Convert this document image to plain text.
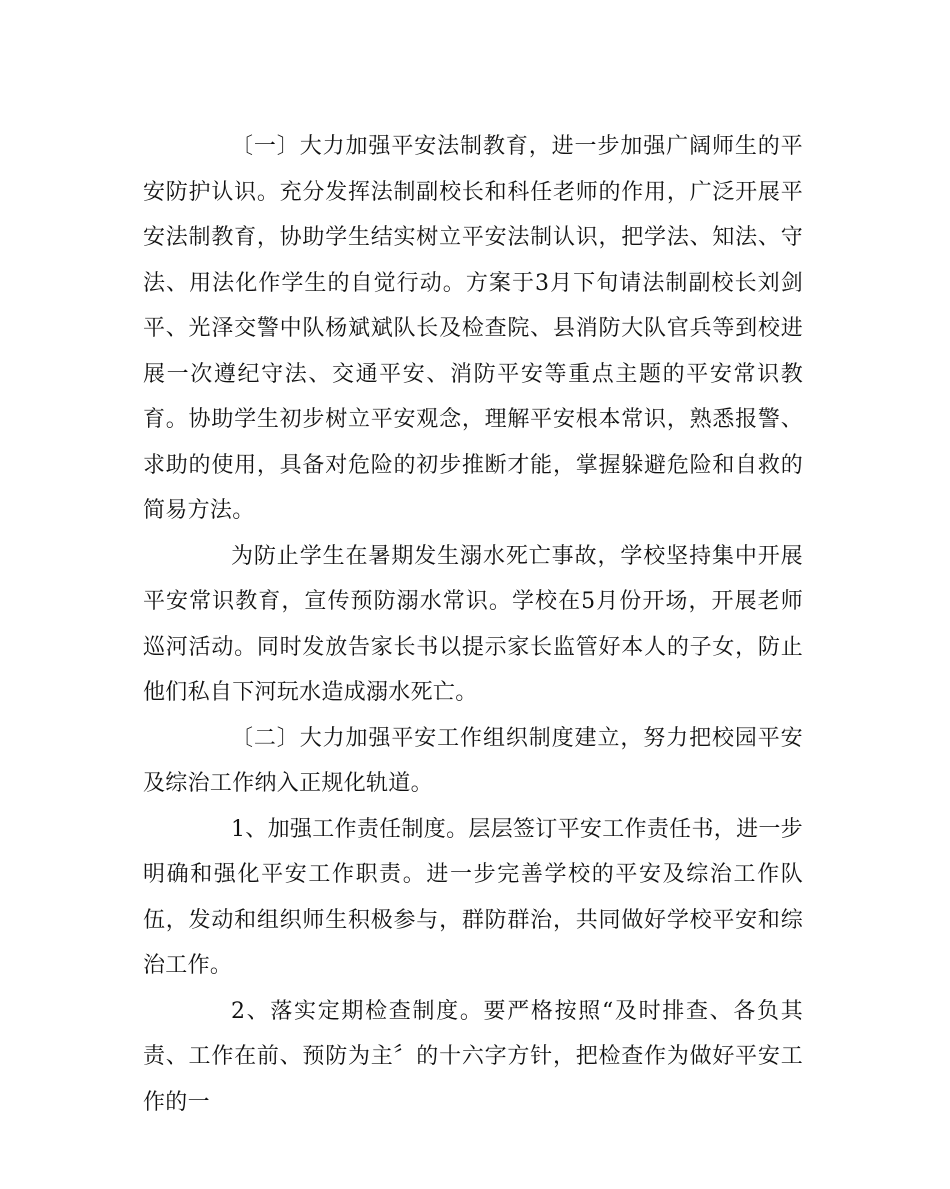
〔一〕大力加强平安法制教育，进一步加强广阔师生的平安防护认识。充分发挥法制副校长和科任老师的作用，广泛开展平安法制教育，协助学生结实树立平安法制认识，把学法、知法、守法、用法化作学生的自觉行动。方案于3月下旬请法制副校长刘剑平、光泽交警中队杨斌斌队长及检查院、县消防大队官兵等到校进展一次遵纪守法、交通平安、消防平安等重点主题的平安常识教育。协助学生初步树立平安观念，理解平安根本常识，熟悉报警、求助的使用，具备对危险的初步推断才能，掌握躲避危险和自救的简易方法。

为防止学生在暑期发生溺水死亡事故，学校坚持集中开展平安常识教育，宣传预防溺水常识。学校在5月份开场，开展老师巡河活动。同时发放告家长书以提示家长监管好本人的子女，防止他们私自下河玩水造成溺水死亡。

〔二〕大力加强平安工作组织制度建立，努力把校园平安及综治工作纳入正规化轨道。

1、加强工作责任制度。层层签订平安工作责任书，进一步明确和强化平安工作职责。进一步完善学校的平安及综治工作队伍，发动和组织师生积极参与，群防群治，共同做好学校平安和综治工作。

2、落实定期检查制度。要严格按照“及时排查、各负其责、工作在前、预防为主〞的十六字方针，把检查作为做好平安工作的一
